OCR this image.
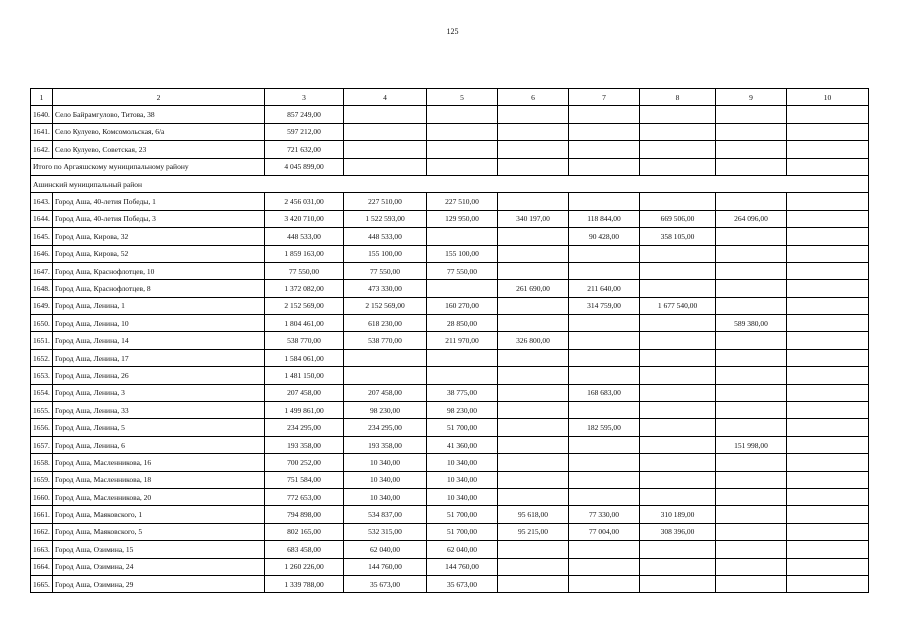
125
1	2	3	4	5	6	7	8	9	10
1640.	Село Байрамгулово, Титова, 38	857 249,00							
1641.	Село Кулуево, Комсомольская, 6/а	597 212,00							
1642.	Село Кулуево, Советская, 23	721 632,00							
Итого по Аргаяшскому муниципальному району		4 045 899,00							
Ашинский муниципальный район									
1643.	Город Аша, 40-летия Победы, 1	2 456 031,00	227 510,00	227 510,00					
1644.	Город Аша, 40-летия Победы, 3	3 420 710,00	1 522 593,00	129 950,00	340 197,00	118 844,00	669 506,00	264 096,00	
1645.	Город Аша, Кирова, 32	448 533,00	448 533,00			90 428,00	358 105,00		
1646.	Город Аша, Кирова, 52	1 859 163,00	155 100,00	155 100,00					
1647.	Город Аша, Краснофлотцев, 10	77 550,00	77 550,00	77 550,00					
1648.	Город Аша, Краснофлотцев, 8	1 372 082,00	473 330,00		261 690,00	211 640,00			
1649.	Город Аша, Ленина, 1	2 152 569,00	2 152 569,00	160 270,00		314 759,00	1 677 540,00		
1650.	Город Аша, Ленина, 10	1 804 461,00	618 230,00	28 850,00				589 380,00	
1651.	Город Аша, Ленина, 14	538 770,00	538 770,00	211 970,00	326 800,00				
1652.	Город Аша, Ленина, 17	1 584 061,00							
1653.	Город Аша, Ленина, 26	1 481 150,00							
1654.	Город Аша, Ленина, 3	207 458,00	207 458,00	38 775,00		168 683,00			
1655.	Город Аша, Ленина, 33	1 499 861,00	98 230,00	98 230,00					
1656.	Город Аша, Ленина, 5	234 295,00	234 295,00	51 700,00		182 595,00			
1657.	Город Аша, Ленина, 6	193 358,00	193 358,00	41 360,00				151 998,00	
1658.	Город Аша, Масленникова, 16	700 252,00	10 340,00	10 340,00					
1659.	Город Аша, Масленникова, 18	751 584,00	10 340,00	10 340,00					
1660.	Город Аша, Масленникова, 20	772 653,00	10 340,00	10 340,00					
1661.	Город Аша, Маяковского, 1	794 898,00	534 837,00	51 700,00	95 618,00	77 330,00	310 189,00		
1662.	Город Аша, Маяковского, 5	802 165,00	532 315,00	51 700,00	95 215,00	77 004,00	308 396,00		
1663.	Город Аша, Озимина, 15	683 458,00	62 040,00	62 040,00					
1664.	Город Аша, Озимина, 24	1 260 226,00	144 760,00	144 760,00					
1665.	Город Аша, Озимина, 29	1 339 788,00	35 673,00	35 673,00					
